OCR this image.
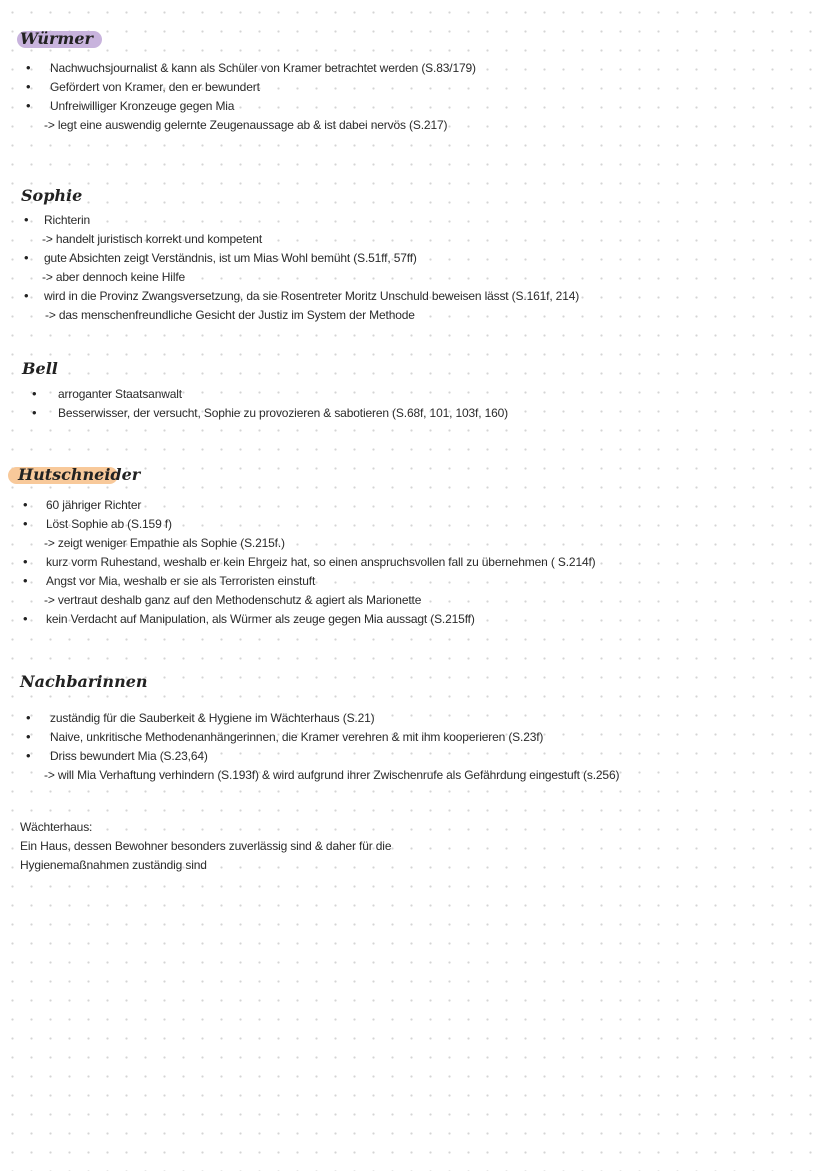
Würmer
• Nachwuchsjournalist & kann als Schüler von Kramer betrachtet werden (S.83/179)
• Gefördert von Kramer, den er bewundert
• Unfreiwilliger Kronzeuge gegen Mia
-> legt eine auswendig gelernte Zeugenaussage ab & ist dabei nervös (S.217)
Sophie
• Richterin
-> handelt juristisch korrekt und kompetent
• gute Absichten zeigt Verständnis, ist um Mias Wohl bemüht (S.51ff, 57ff)
-> aber dennoch keine Hilfe
• wird in die Provinz Zwangsversetzung, da sie Rosentreter Moritz Unschuld beweisen lässt (S.161f, 214)
-> das menschenfreundliche Gesicht der Justiz im System der Methode
Bell
• arroganter Staatsanwalt
• Besserwisser, der versucht, Sophie zu provozieren & sabotieren (S.68f, 101, 103f, 160)
Hutschneider
• 60 jähriger Richter
• Löst Sophie ab (S.159 f)
-> zeigt weniger Empathie als Sophie (S.215f.)
• kurz vorm Ruhestand, weshalb er kein Ehrgeiz hat, so einen anspruchsvollen fall zu übernehmen ( S.214f)
• Angst vor Mia, weshalb er sie als Terroristen einstuft
-> vertraut deshalb ganz auf den Methodenschutz & agiert als Marionette
• kein Verdacht auf Manipulation, als Würmer als zeuge gegen Mia aussagt (S.215ff)
Nachbarinnen
• zuständig für die Sauberkeit & Hygiene im Wächterhaus (S.21)
• Naive, unkritische Methodenanhängerinnen, die Kramer verehren & mit ihm kooperieren (S.23f)
• Driss bewundert Mia (S.23,64)
-> will Mia Verhaftung verhindern (S.193f) & wird aufgrund ihrer Zwischenrufe als Gefährdung eingestuft (s.256)
Wächterhaus:
Ein Haus, dessen Bewohner besonders zuverlässig sind & daher für die
Hygienemaßnahmen zuständig sind
